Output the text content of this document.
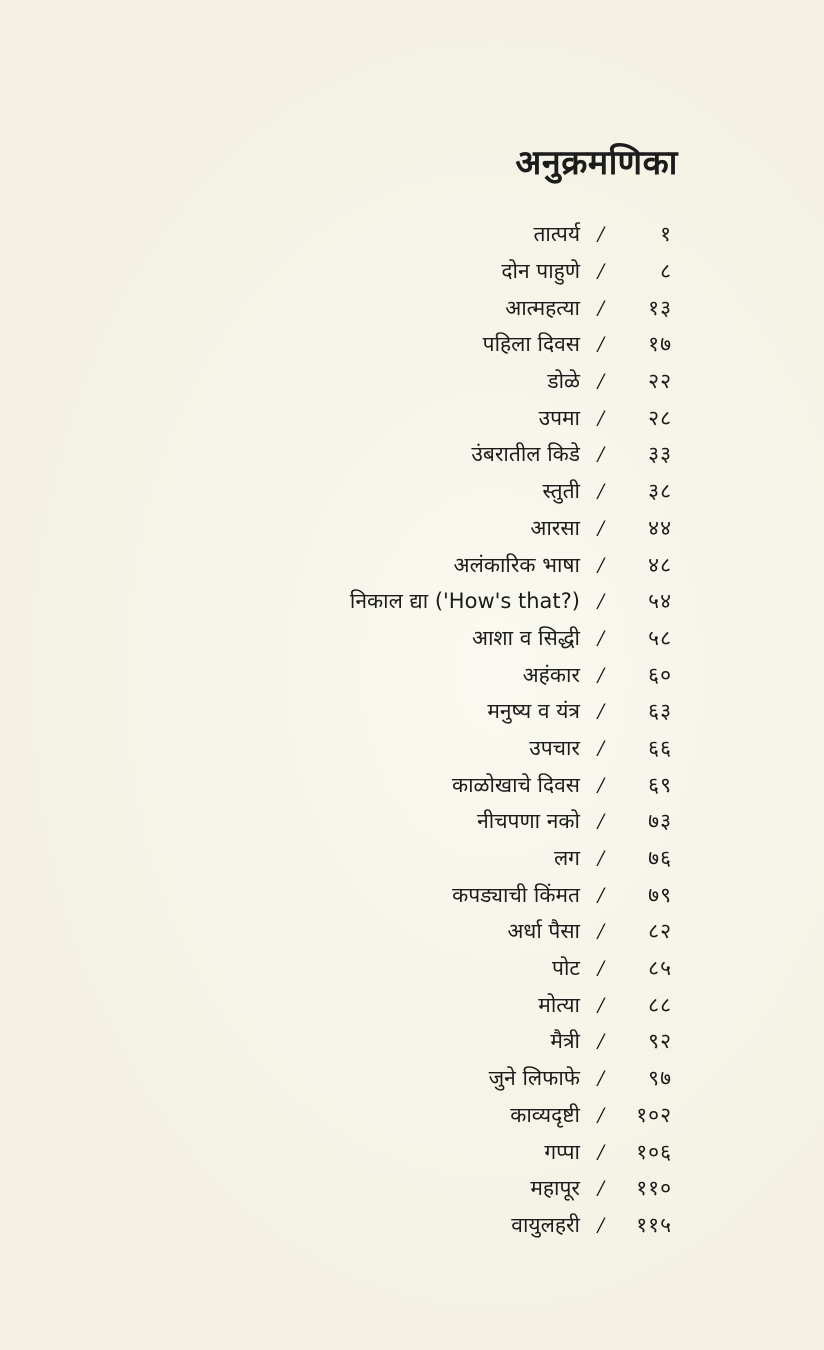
अनुक्रमणिका
तात्पर्य /	१
दोन पाहुणे /	८
आत्महत्या /	१३
पहिला दिवस /	१७
डोळे /	२२
उपमा /	२८
उंबरातील किडे /	३३
स्तुती /	३८
आरसा /	४४
अलंकारिक भाषा /	४८
निकाल द्या ('How's that?) /	५४
आशा व सिद्धी /	५८
अहंकार /	६०
मनुष्य व यंत्र /	६३
उपचार /	६६
काळोखाचे दिवस /	६९
नीचपणा नको /	७३
लग /	७६
कपड्याची किंमत /	७९
अर्धा पैसा /	८२
पोट /	८५
मोत्या /	८८
मैत्री /	९२
जुने लिफाफे /	९७
काव्यदृष्टी /	१०२
गप्पा /	१०६
महापूर /	११०
वायुलहरी /	११५
